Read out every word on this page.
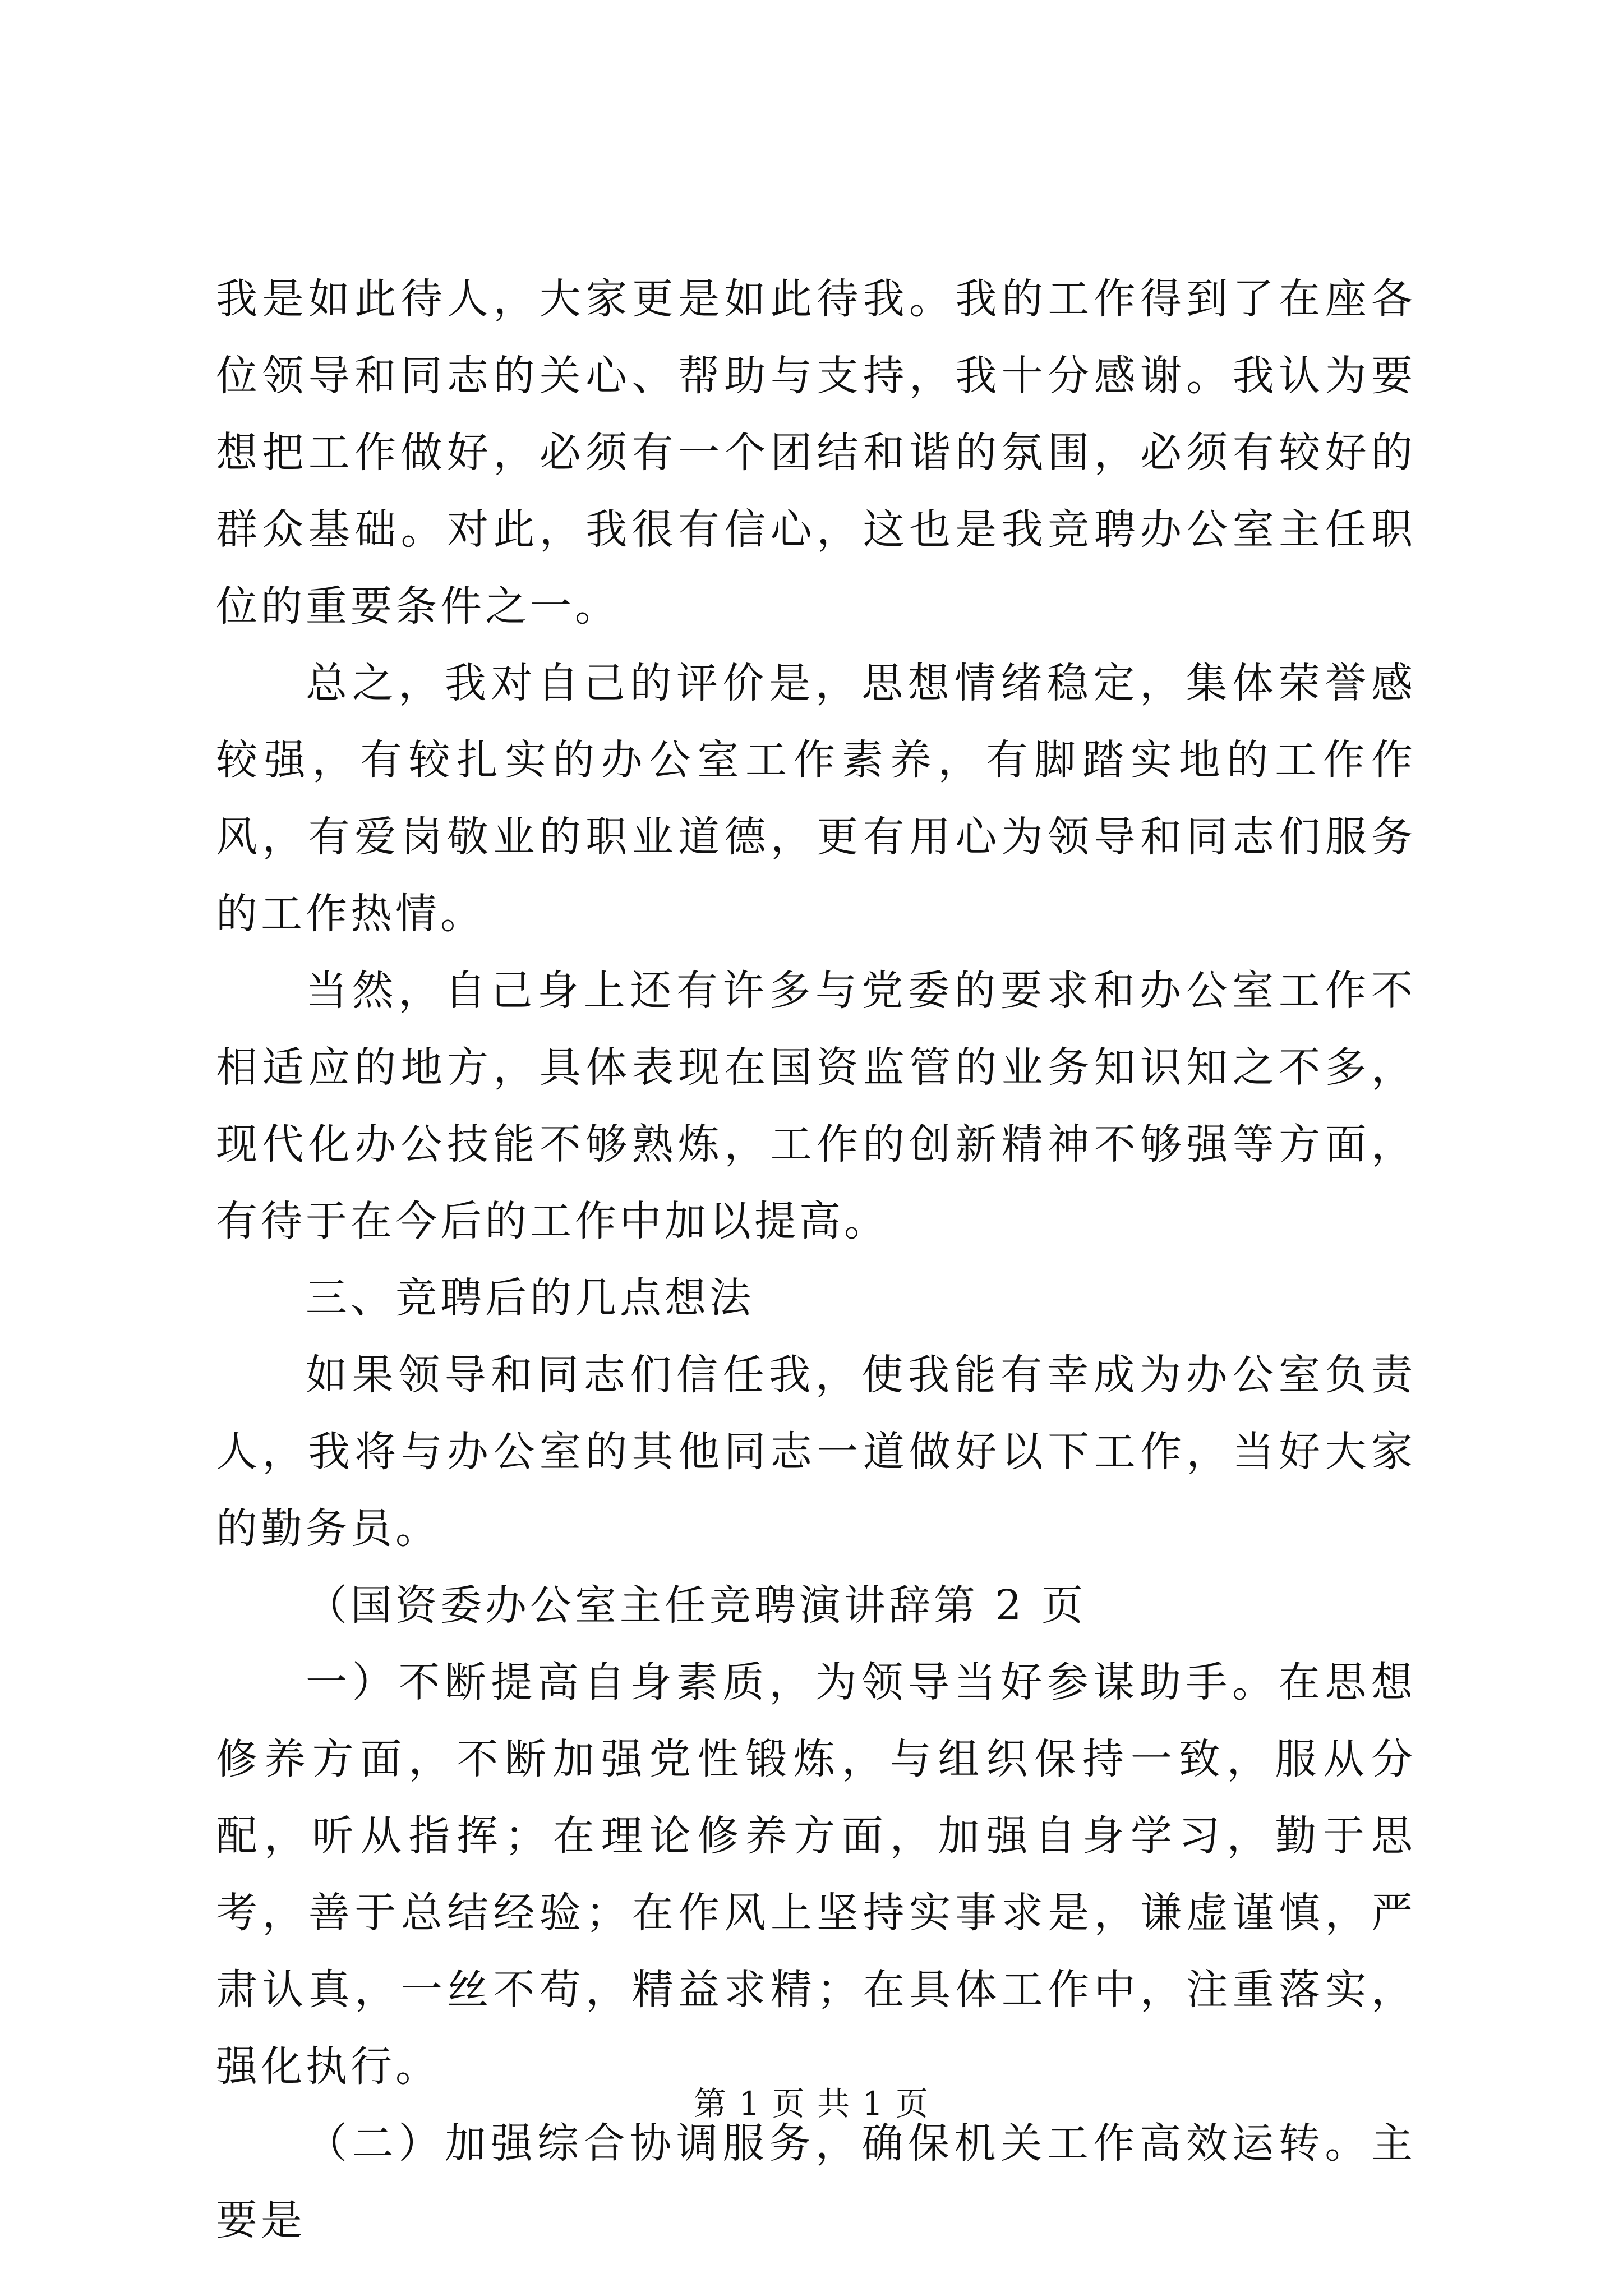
我是如此待人，大家更是如此待我。我的工作得到了在座各位领导和同志的关心、帮助与支持，我十分感谢。我认为要想把工作做好，必须有一个团结和谐的氛围，必须有较好的群众基础。对此，我很有信心，这也是我竞聘办公室主任职位的重要条件之一。

总之，我对自己的评价是，思想情绪稳定，集体荣誉感较强，有较扎实的办公室工作素养，有脚踏实地的工作作风，有爱岗敬业的职业道德，更有用心为领导和同志们服务的工作热情。

当然，自己身上还有许多与党委的要求和办公室工作不相适应的地方，具体表现在国资监管的业务知识知之不多，现代化办公技能不够熟炼，工作的创新精神不够强等方面，有待于在今后的工作中加以提高。

三、竞聘后的几点想法

如果领导和同志们信任我，使我能有幸成为办公室负责人，我将与办公室的其他同志一道做好以下工作，当好大家的勤务员。

（国资委办公室主任竞聘演讲辞第 2 页

一）不断提高自身素质，为领导当好参谋助手。在思想修养方面，不断加强党性锻炼，与组织保持一致，服从分配，听从指挥；在理论修养方面，加强自身学习，勤于思考，善于总结经验；在作风上坚持实事求是，谦虚谨慎，严肃认真，一丝不苟，精益求精；在具体工作中，注重落实，强化执行。

（二）加强综合协调服务，确保机关工作高效运转。主要是

第 1 页 共 1 页
